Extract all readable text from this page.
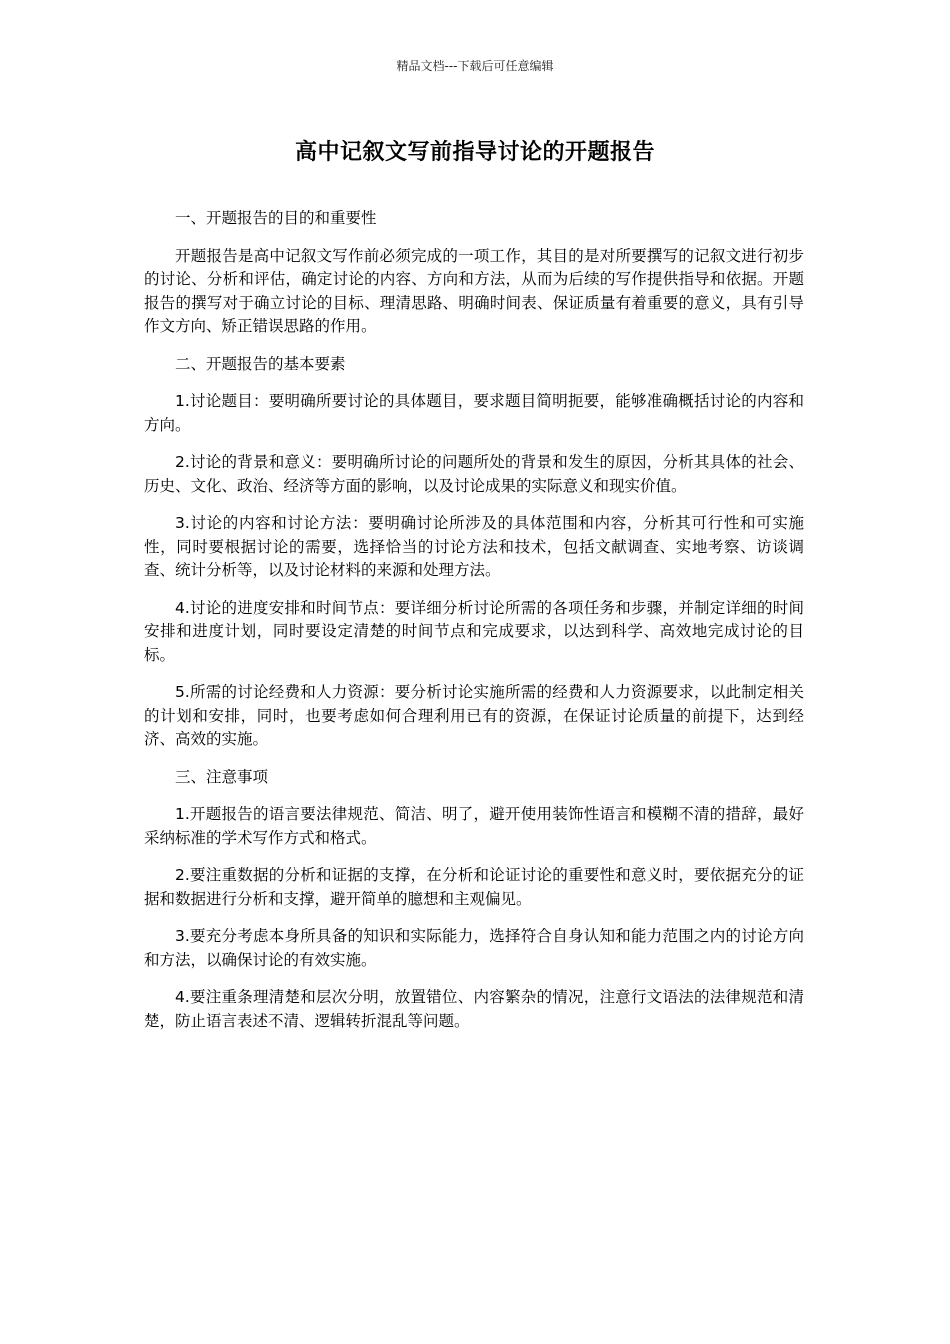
精品文档---下载后可任意编辑
高中记叙文写前指导讨论的开题报告

一、开题报告的目的和重要性

开题报告是高中记叙文写作前必须完成的一项工作，其目的是对所要撰写的记叙文进行初步的讨论、分析和评估，确定讨论的内容、方向和方法，从而为后续的写作提供指导和依据。开题报告的撰写对于确立讨论的目标、理清思路、明确时间表、保证质量有着重要的意义，具有引导作文方向、矫正错误思路的作用。

二、开题报告的基本要素

1.讨论题目：要明确所要讨论的具体题目，要求题目简明扼要，能够准确概括讨论的内容和方向。

2.讨论的背景和意义：要明确所讨论的问题所处的背景和发生的原因，分析其具体的社会、历史、文化、政治、经济等方面的影响，以及讨论成果的实际意义和现实价值。

3.讨论的内容和讨论方法：要明确讨论所涉及的具体范围和内容，分析其可行性和可实施性，同时要根据讨论的需要，选择恰当的讨论方法和技术，包括文献调查、实地考察、访谈调查、统计分析等，以及讨论材料的来源和处理方法。

4.讨论的进度安排和时间节点：要详细分析讨论所需的各项任务和步骤，并制定详细的时间安排和进度计划，同时要设定清楚的时间节点和完成要求，以达到科学、高效地完成讨论的目标。

5.所需的讨论经费和人力资源：要分析讨论实施所需的经费和人力资源要求，以此制定相关的计划和安排，同时，也要考虑如何合理利用已有的资源，在保证讨论质量的前提下，达到经济、高效的实施。

三、注意事项

1.开题报告的语言要法律规范、简洁、明了，避开使用装饰性语言和模糊不清的措辞，最好采纳标准的学术写作方式和格式。

2.要注重数据的分析和证据的支撑，在分析和论证讨论的重要性和意义时，要依据充分的证据和数据进行分析和支撑，避开简单的臆想和主观偏见。

3.要充分考虑本身所具备的知识和实际能力，选择符合自身认知和能力范围之内的讨论方向和方法，以确保讨论的有效实施。

4.要注重条理清楚和层次分明，放置错位、内容繁杂的情况，注意行文语法的法律规范和清楚，防止语言表述不清、逻辑转折混乱等问题。
